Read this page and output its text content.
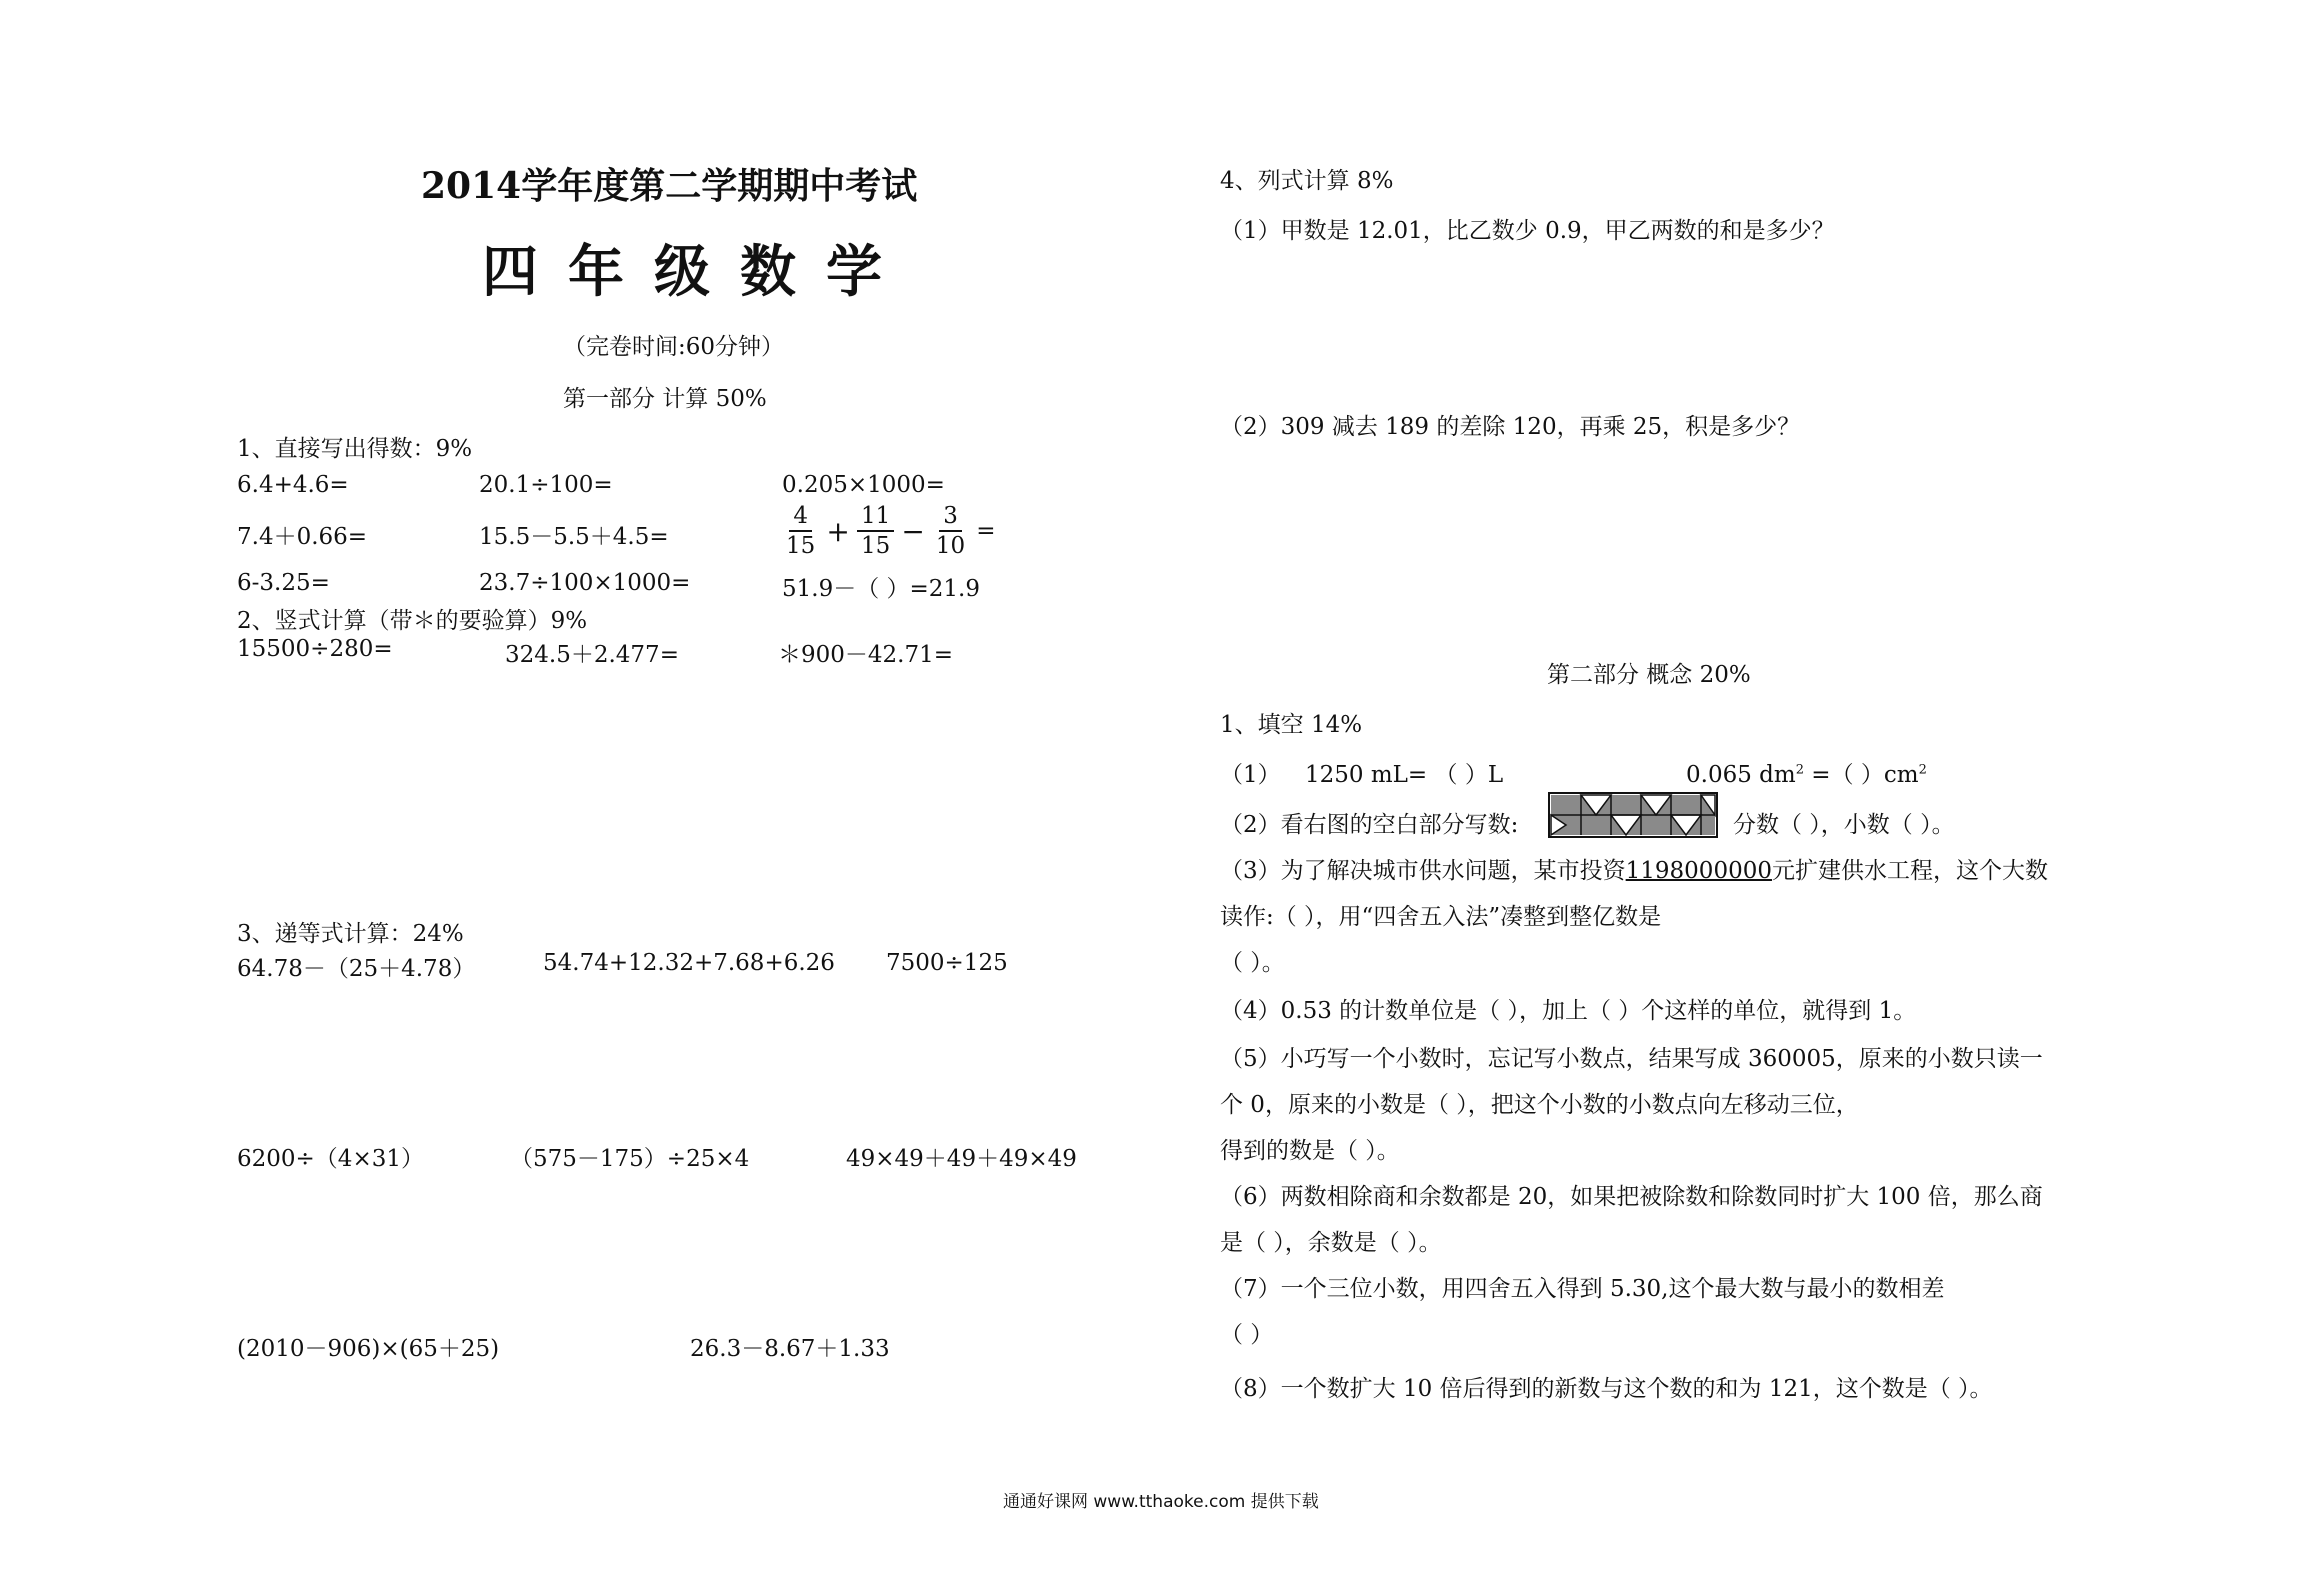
2014学年度第二学期期中考试
四年级数学
（完卷时间:60分钟）
第一部分 计算 50%
1、直接写出得数：9%
6.4+4.6=	20.1÷100=	0.205×1000=
7.4＋0.66=	15.5－5.5＋4.5=	$\frac{4}{15} + \frac{11}{15} - \frac{3}{10}$ =
6-3.25=	23.7÷100×1000=	51.9－（ ）=21.9
2、竖式计算（带＊的要验算）9%
15500÷280=	324.5＋2.477=	＊900－42.71=
3、递等式计算：24%
64.78－（25＋4.78）	54.74+12.32+7.68+6.26 7500÷125
6200÷（4×31）	（575－175）÷25×4	49×49＋49＋49×49
(2010－906)×(65＋25)	26.3－8.67＋1.33
4、列式计算 8%
（1）甲数是 12.01，比乙数少 0.9，甲乙两数的和是多少？
（2）309 减去 189 的差除 120，再乘 25，积是多少？
第二部分 概念 20%
1、填空 14%
（1） 1250 mL= （ ）L	0.065 $dm^2$ =（ ）$cm^2$
（2）看右图的空白部分写数:	分数（ ），小数（ ）。
（3）为了解决城市供水问题，某市投资1198000000元扩建供水工程，这个大数
读作:（ ），用“四舍五入法”凑整到整亿数是
（ ）。
（4）0.53 的计数单位是（ ），加上（ ）个这样的单位，就得到 1。
（5）小巧写一个小数时，忘记写小数点，结果写成 360005，原来的小数只读一
个 0，原来的小数是（ ），把这个小数的小数点向左移动三位，
得到的数是（ ）。
（6）两数相除商和余数都是 20，如果把被除数和除数同时扩大 100 倍，那么商
是（ ），余数是（ ）。
（7）一个三位小数，用四舍五入得到 5.30,这个最大数与最小的数相差
（ ）
（8）一个数扩大 10 倍后得到的新数与这个数的和为 121，这个数是（ ）。
通通好课网 www.tthaoke.com 提供下载
